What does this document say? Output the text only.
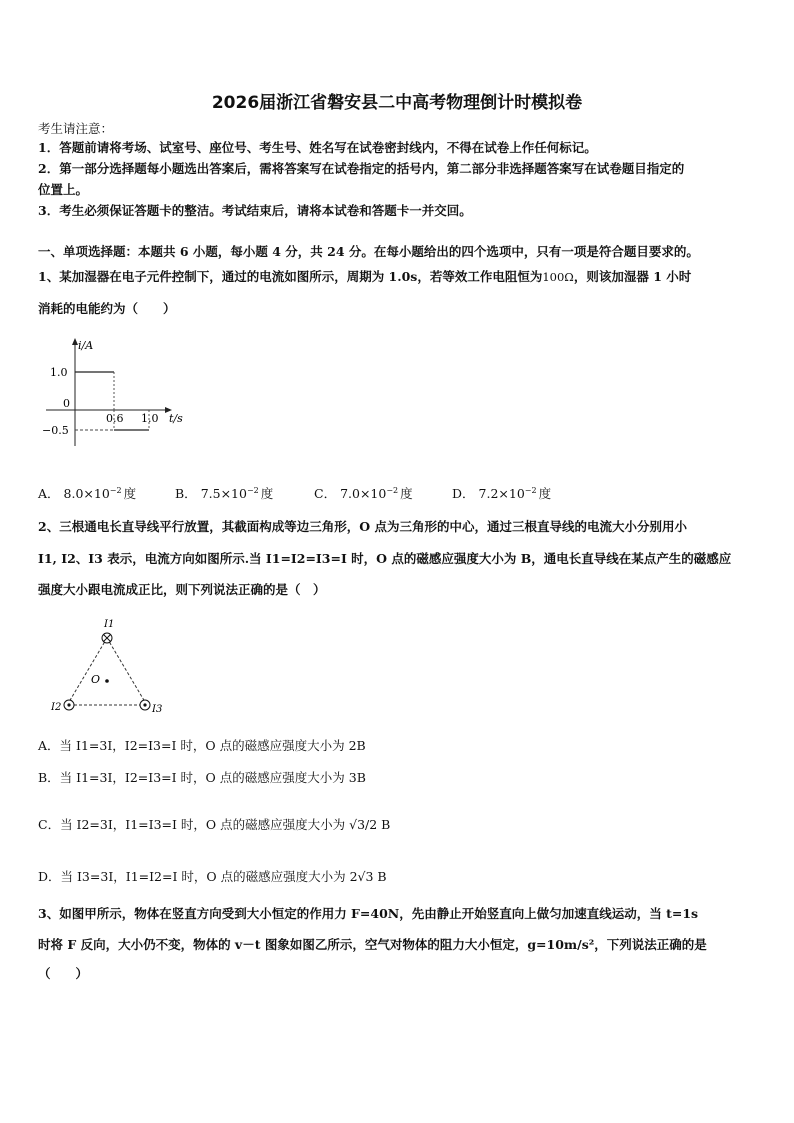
2026届浙江省磐安县二中高考物理倒计时模拟卷
考生请注意：
1．答题前请将考场、试室号、座位号、考生号、姓名写在试卷密封线内，不得在试卷上作任何标记。
2．第一部分选择题每小题选出答案后，需将答案写在试卷指定的括号内，第二部分非选择题答案写在试卷题目指定的
位置上。
3．考生必须保证答题卡的整洁。考试结束后，请将本试卷和答题卡一并交回。
一、单项选择题：本题共 6 小题，每小题 4 分，共 24 分。在每小题给出的四个选项中，只有一项是符合题目要求的。
1、某加湿器在电子元件控制下，通过的电流如图所示，周期为 1.0s，若等效工作电阻恒为100Ω，则该加湿器 1 小时
消耗的电能约为（　　）
i/A
1.0
0
−0.5
0.6 1.0 t/s
A． $8.0\times 10^{-2}$ 度	B． $7.5\times 10^{-2}$ 度	C． $7.0\times 10^{-2}$ 度	D． $7.2\times 10^{-2}$ 度
2、三根通电长直导线平行放置，其截面构成等边三角形，O 点为三角形的中心，通过三根直导线的电流大小分别用小
I1, I2、I3 表示，电流方向如图所示.当 I1=I2=I3=I 时，O 点的磁感应强度大小为 B，通电长直导线在某点产生的磁感应
强度大小跟电流成正比，则下列说法正确的是（　）
I1
I2	I3
O
A．当 I1=3I，I2=I3=I 时，O 点的磁感应强度大小为 2B
B．当 I1=3I，I2=I3=I 时，O 点的磁感应强度大小为 3B
C．当 I2=3I，I1=I3=I 时，O 点的磁感应强度大小为 √3/2 B
D．当 I3=3I，I1=I2=I 时，O 点的磁感应强度大小为 2√3 B
3、如图甲所示，物体在竖直方向受到大小恒定的作用力 F=40N，先由静止开始竖直向上做匀加速直线运动，当 t=1s
时将 F 反向，大小仍不变，物体的 v－t 图象如图乙所示，空气对物体的阻力大小恒定，g=10m/s²，下列说法正确的是
（　　）
